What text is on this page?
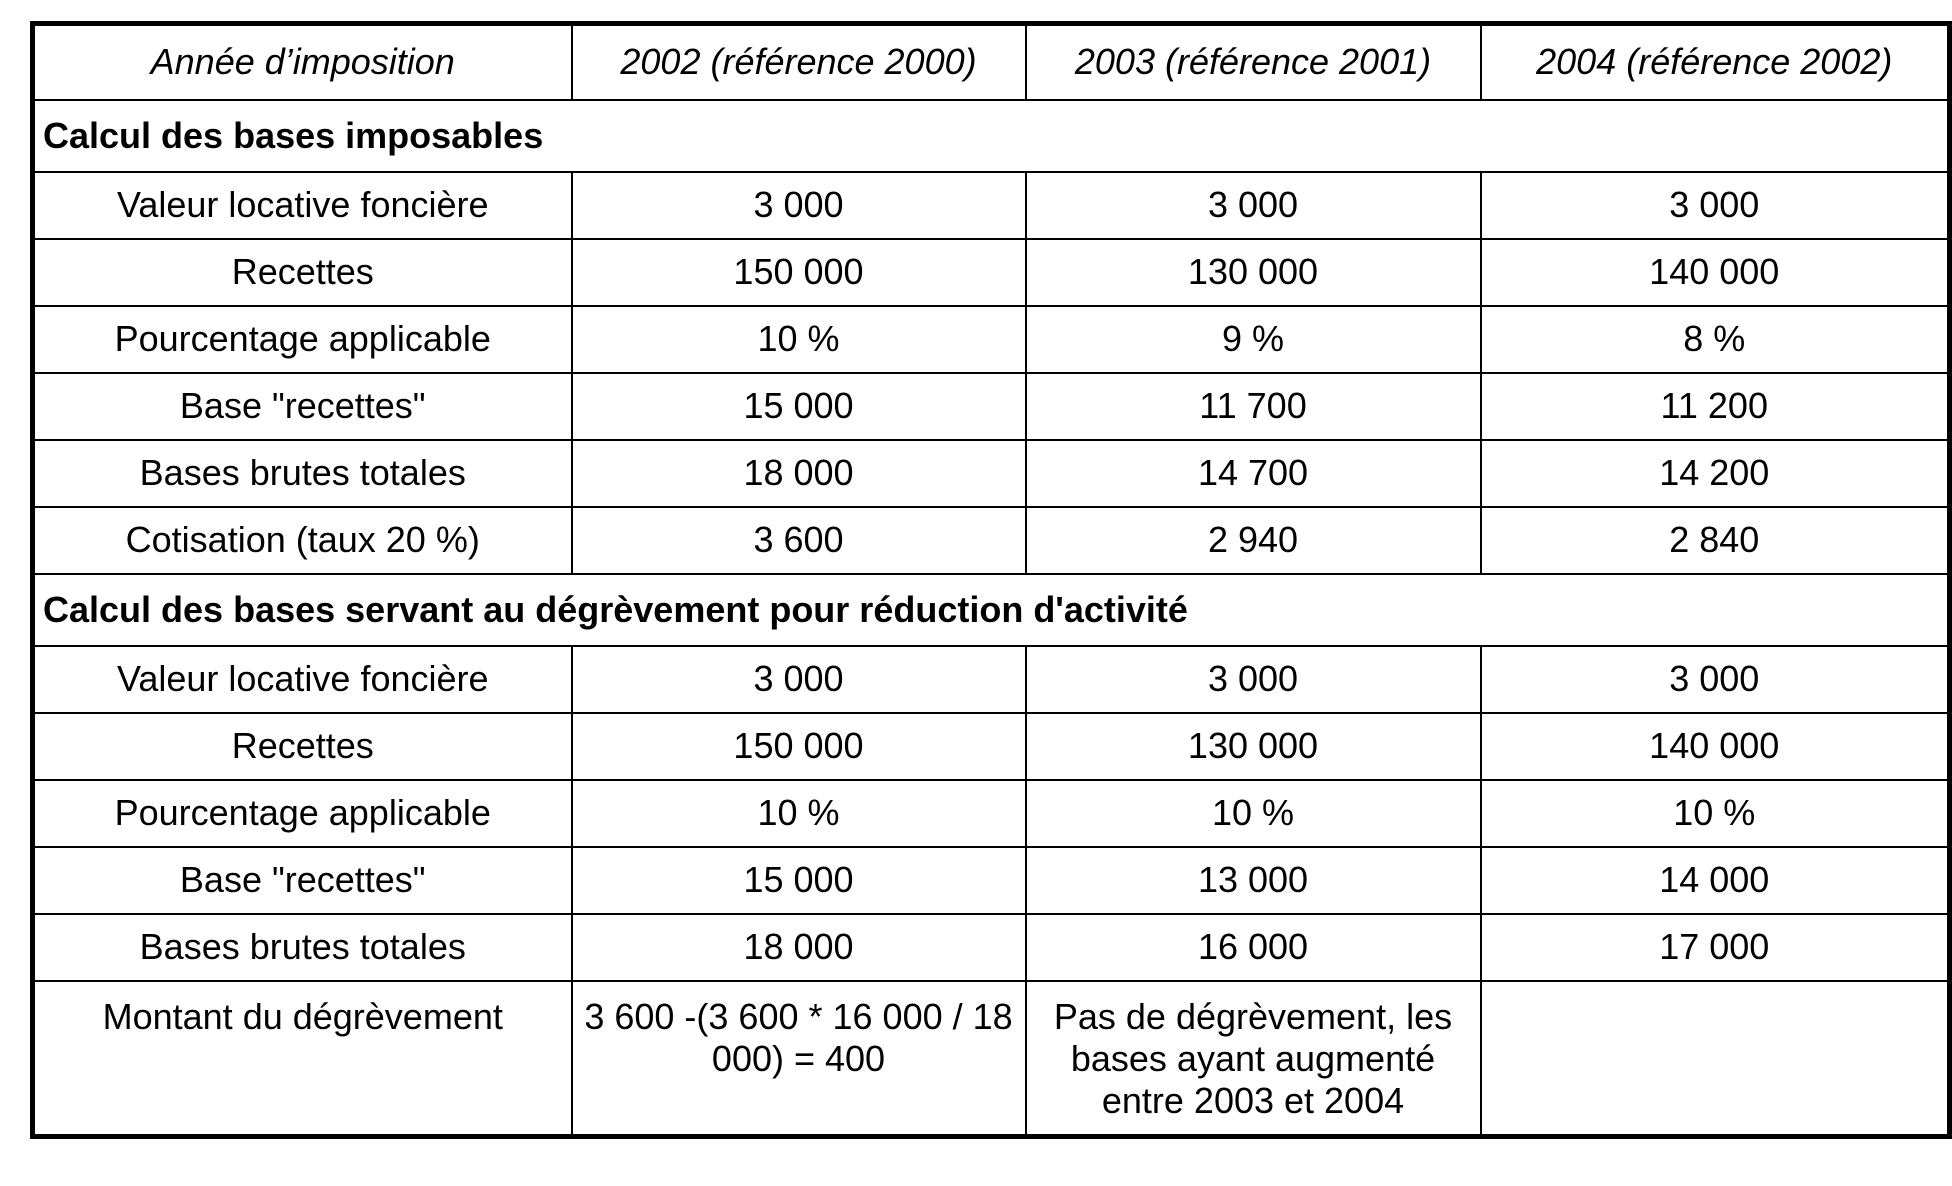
Année d’imposition	2002 (référence 2000)	2003 (référence 2001)	2004 (référence 2002)
Calcul des bases imposables			
Valeur locative foncière	3 000	3 000	3 000
Recettes	150 000	130 000	140 000
Pourcentage applicable	10 %	9 %	8 %
Base "recettes"	15 000	11 700	11 200
Bases brutes totales	18 000	14 700	14 200
Cotisation (taux 20 %)	3 600	2 940	2 840
Calcul des bases servant au dégrèvement pour réduction d'activité			
Valeur locative foncière	3 000	3 000	3 000
Recettes	150 000	130 000	140 000
Pourcentage applicable	10 %	10 %	10 %
Base "recettes"	15 000	13 000	14 000
Bases brutes totales	18 000	16 000	17 000
Montant du dégrèvement	3 600 -(3 600 * 16 000 / 18 000) = 400	Pas de dégrèvement, les bases ayant augmenté entre 2003 et 2004	
